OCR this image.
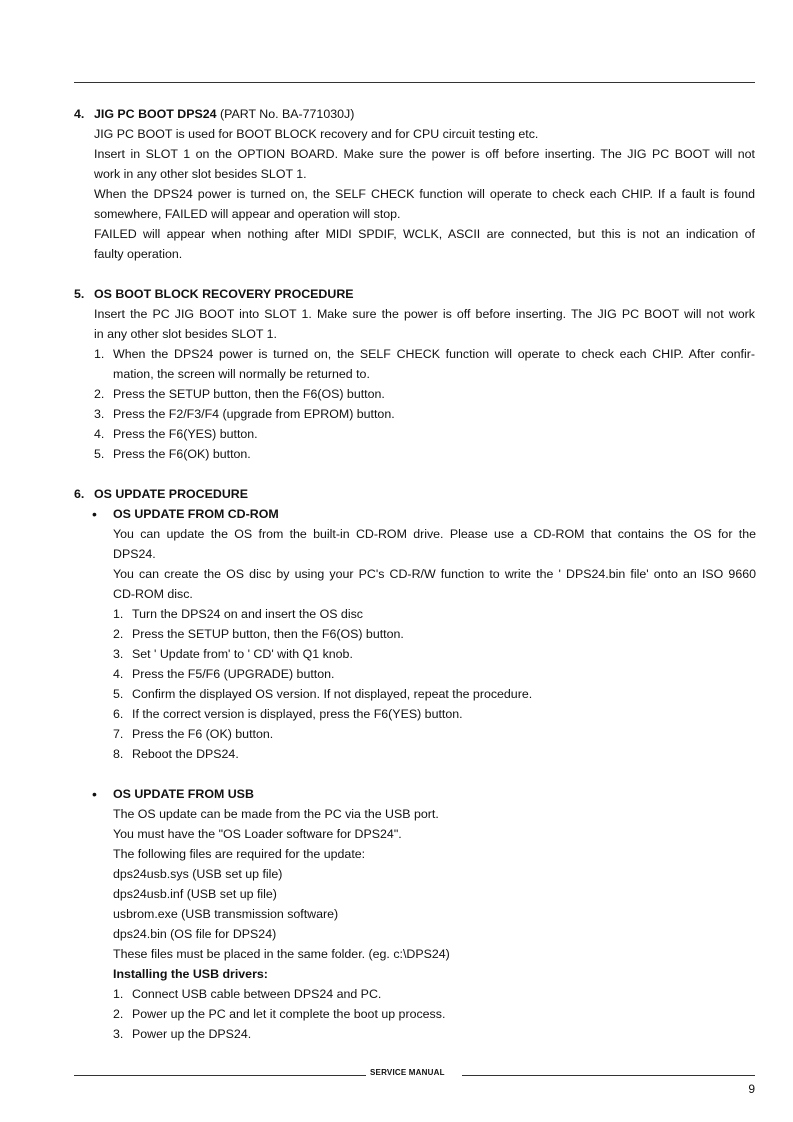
4. JIG PC BOOT DPS24 (PART No. BA-771030J)
JIG PC BOOT is used for BOOT BLOCK recovery and for CPU circuit testing etc.
Insert in SLOT 1 on the OPTION BOARD. Make sure the power is off before inserting. The JIG PC BOOT will not
work in any other slot besides SLOT 1.
When the DPS24 power is turned on, the SELF CHECK function will operate to check each CHIP. If a fault is found
somewhere, FAILED will appear and operation will stop.
FAILED will appear when nothing after MIDI SPDIF, WCLK, ASCII are connected, but this is not an indication of
faulty operation.
5. OS BOOT BLOCK RECOVERY PROCEDURE
Insert the PC JIG BOOT into SLOT 1. Make sure the power is off before inserting. The JIG PC BOOT will not work
in any other slot besides SLOT 1.
1. When the DPS24 power is turned on, the SELF CHECK function will operate to check each CHIP. After confir-
mation, the screen will normally be returned to.
2. Press the SETUP button, then the F6(OS) button.
3. Press the F2/F3/F4 (upgrade from EPROM) button.
4. Press the F6(YES) button.
5. Press the F6(OK) button.
6. OS UPDATE PROCEDURE
• OS UPDATE FROM CD-ROM
You can update the OS from the built-in CD-ROM drive. Please use a CD-ROM that contains the OS for the
DPS24.
You can create the OS disc by using your PC's CD-R/W function to write the ' DPS24.bin file' onto an ISO 9660
CD-ROM disc.
1. Turn the DPS24 on and insert the OS disc
2. Press the SETUP button, then the F6(OS) button.
3. Set ' Update from' to ' CD' with Q1 knob.
4. Press the F5/F6 (UPGRADE) button.
5. Confirm the displayed OS version. If not displayed, repeat the procedure.
6. If the correct version is displayed, press the F6(YES) button.
7. Press the F6 (OK) button.
8. Reboot the DPS24.
• OS UPDATE FROM USB
The OS update can be made from the PC via the USB port.
You must have the "OS Loader software for DPS24".
The following files are required for the update:
dps24usb.sys (USB set up file)
dps24usb.inf (USB set up file)
usbrom.exe (USB transmission software)
dps24.bin (OS file for DPS24)
These files must be placed in the same folder. (eg. c:\DPS24)
Installing the USB drivers:
1. Connect USB cable between DPS24 and PC.
2. Power up the PC and let it complete the boot up process.
3. Power up the DPS24.
SERVICE MANUAL
9
